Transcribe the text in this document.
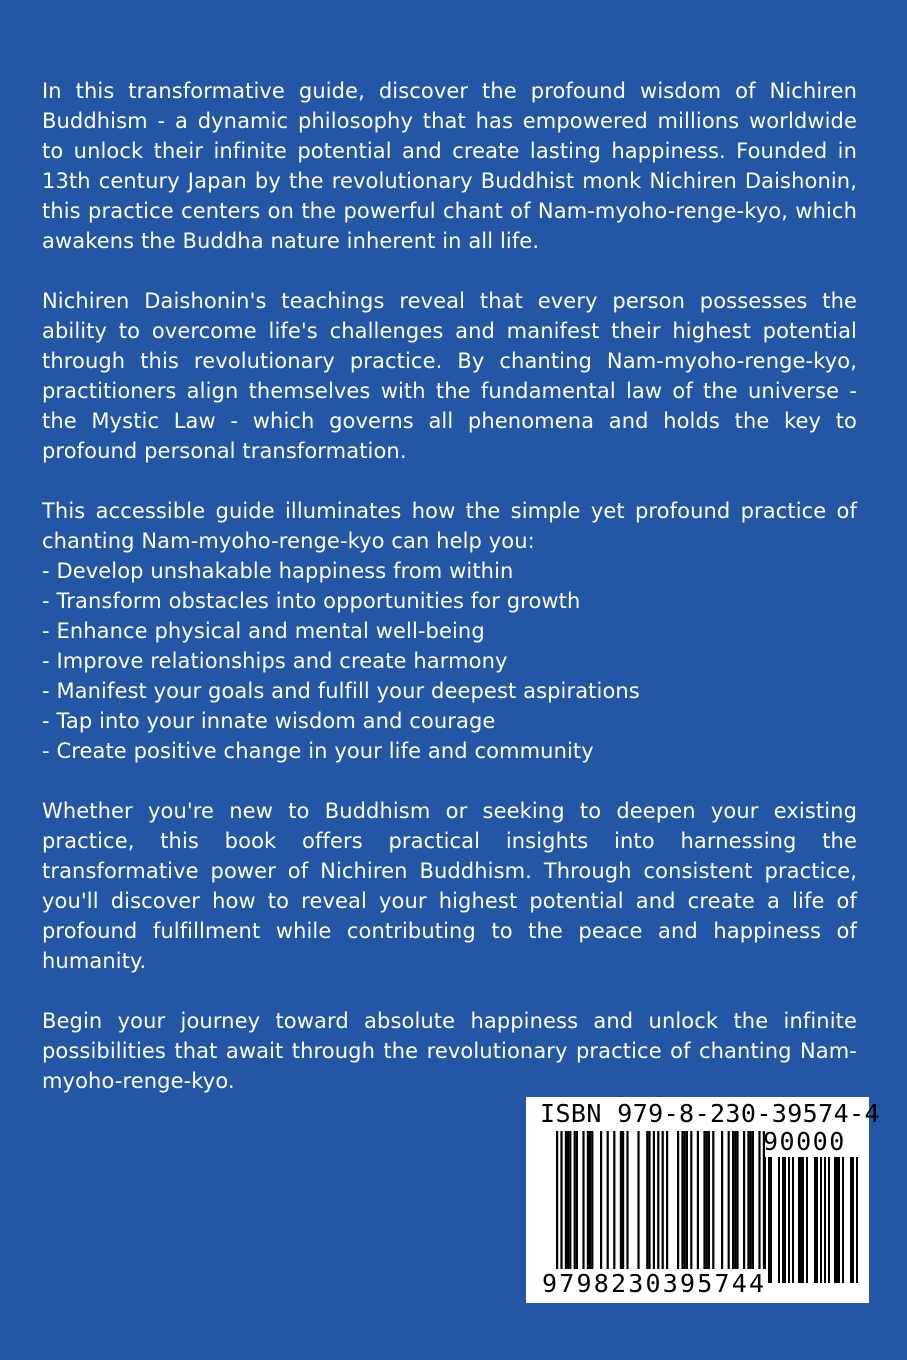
In this transformative guide, discover the profound wisdom of Nichiren Buddhism - a dynamic philosophy that has empowered millions worldwide to unlock their infinite potential and create lasting happiness. Founded in 13th century Japan by the revolutionary Buddhist monk Nichiren Daishonin, this practice centers on the powerful chant of Nam-myoho-renge-kyo, which awakens the Buddha nature inherent in all life.

Nichiren Daishonin's teachings reveal that every person possesses the ability to overcome life's challenges and manifest their highest potential through this revolutionary practice. By chanting Nam-myoho-renge-kyo, practitioners align themselves with the fundamental law of the universe - the Mystic Law - which governs all phenomena and holds the key to profound personal transformation.

This accessible guide illuminates how the simple yet profound practice of chanting Nam-myoho-renge-kyo can help you:

- Develop unshakable happiness from within
- Transform obstacles into opportunities for growth
- Enhance physical and mental well-being
- Improve relationships and create harmony
- Manifest your goals and fulfill your deepest aspirations
- Tap into your innate wisdom and courage
- Create positive change in your life and community

Whether you're new to Buddhism or seeking to deepen your existing practice, this book offers practical insights into harnessing the transformative power of Nichiren Buddhism. Through consistent practice, you'll discover how to reveal your highest potential and create a life of profound fulfillment while contributing to the peace and happiness of humanity.

Begin your journey toward absolute happiness and unlock the infinite possibilities that await through the revolutionary practice of chanting Nam-myoho-renge-kyo.

ISBN 979-8-230-39574-4
90000
9798230395744
